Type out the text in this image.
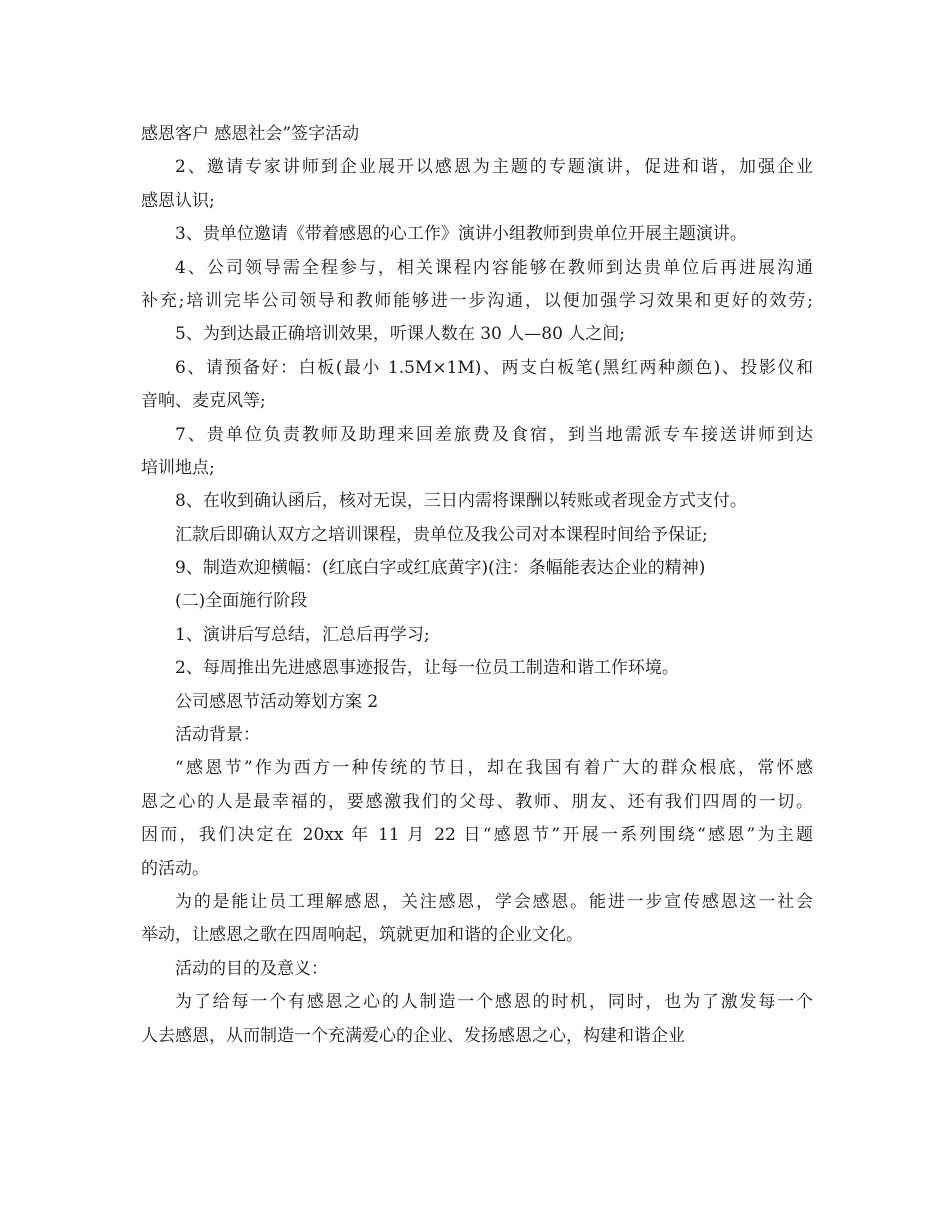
感恩客户 感恩社会”签字活动
2、邀请专家讲师到企业展开以感恩为主题的专题演讲，促进和谐，加强企业
感恩认识;
3、贵单位邀请《带着感恩的心工作》演讲小组教师到贵单位开展主题演讲。
4、公司领导需全程参与，相关课程内容能够在教师到达贵单位后再进展沟通
补充;培训完毕公司领导和教师能够进一步沟通，以便加强学习效果和更好的效劳;
5、为到达最正确培训效果，听课人数在 30 人—80 人之间;
6、请预备好：白板(最小 1.5M×1M)、两支白板笔(黑红两种颜色)、投影仪和
音响、麦克风等;
7、贵单位负责教师及助理来回差旅费及食宿，到当地需派专车接送讲师到达
培训地点;
8、在收到确认函后，核对无误，三日内需将课酬以转账或者现金方式支付。
汇款后即确认双方之培训课程，贵单位及我公司对本课程时间给予保证;
9、制造欢迎横幅：(红底白字或红底黄字)(注：条幅能表达企业的精神)
(二)全面施行阶段
1、演讲后写总结，汇总后再学习;
2、每周推出先进感恩事迹报告，让每一位员工制造和谐工作环境。
公司感恩节活动筹划方案 2
活动背景：
“感恩节”作为西方一种传统的节日，却在我国有着广大的群众根底，常怀感
恩之心的人是最幸福的，要感激我们的父母、教师、朋友、还有我们四周的一切。
因而，我们决定在 20xx 年 11 月 22 日“感恩节”开展一系列围绕“感恩”为主题
的活动。
为的是能让员工理解感恩，关注感恩，学会感恩。能进一步宣传感恩这一社会
举动，让感恩之歌在四周响起，筑就更加和谐的企业文化。
活动的目的及意义：
为了给每一个有感恩之心的人制造一个感恩的时机，同时，也为了激发每一个
人去感恩，从而制造一个充满爱心的企业、发扬感恩之心，构建和谐企业
